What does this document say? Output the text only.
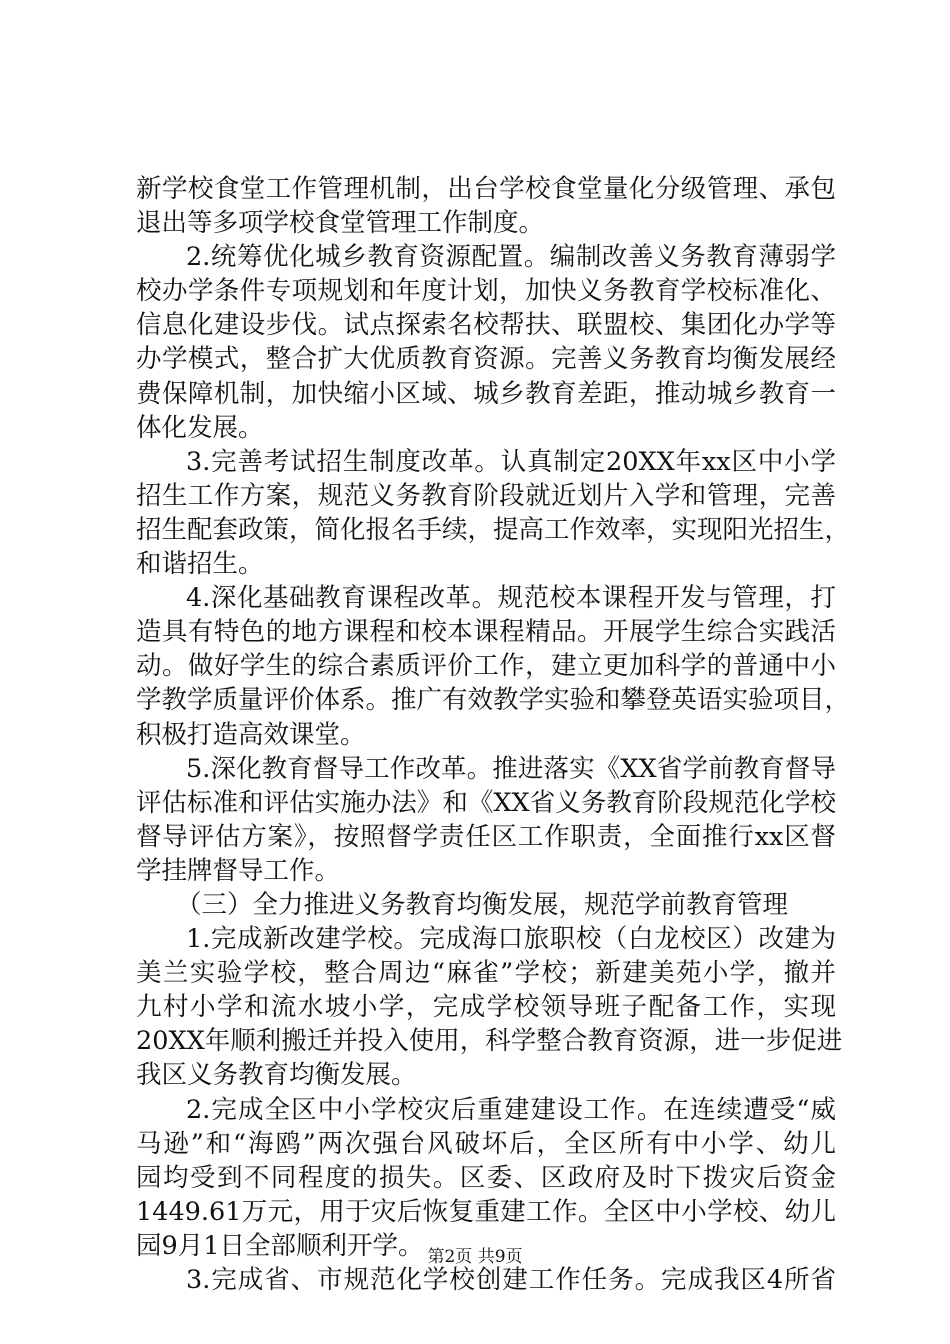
新学校食堂工作管理机制，出台学校食堂量化分级管理、承包
退出等多项学校食堂管理工作制度。
2.统筹优化城乡教育资源配置。编制改善义务教育薄弱学
校办学条件专项规划和年度计划，加快义务教育学校标准化、
信息化建设步伐。试点探索名校帮扶、联盟校、集团化办学等
办学模式，整合扩大优质教育资源。完善义务教育均衡发展经
费保障机制，加快缩小区域、城乡教育差距，推动城乡教育一
体化发展。
3.完善考试招生制度改革。认真制定20XX年xx区中小学
招生工作方案，规范义务教育阶段就近划片入学和管理，完善
招生配套政策，简化报名手续，提高工作效率，实现阳光招生，
和谐招生。
4.深化基础教育课程改革。规范校本课程开发与管理，打
造具有特色的地方课程和校本课程精品。开展学生综合实践活
动。做好学生的综合素质评价工作，建立更加科学的普通中小
学教学质量评价体系。推广有效教学实验和攀登英语实验项目，
积极打造高效课堂。
5.深化教育督导工作改革。推进落实《XX省学前教育督导
评估标准和评估实施办法》和《XX省义务教育阶段规范化学校
督导评估方案》，按照督学责任区工作职责，全面推行xx区督
学挂牌督导工作。
（三）全力推进义务教育均衡发展，规范学前教育管理
1.完成新改建学校。完成海口旅职校（白龙校区）改建为
美兰实验学校，整合周边“麻雀”学校；新建美苑小学，撤并
九村小学和流水坡小学，完成学校领导班子配备工作，实现
20XX年顺利搬迁并投入使用，科学整合教育资源，进一步促进
我区义务教育均衡发展。
2.完成全区中小学校灾后重建建设工作。在连续遭受“威
马逊”和“海鸥”两次强台风破坏后，全区所有中小学、幼儿
园均受到不同程度的损失。区委、区政府及时下拨灾后资金
1449.61万元，用于灾后恢复重建工作。全区中小学校、幼儿
园9月1日全部顺利开学。
3.完成省、市规范化学校创建工作任务。完成我区4所省
第2页 共9页
